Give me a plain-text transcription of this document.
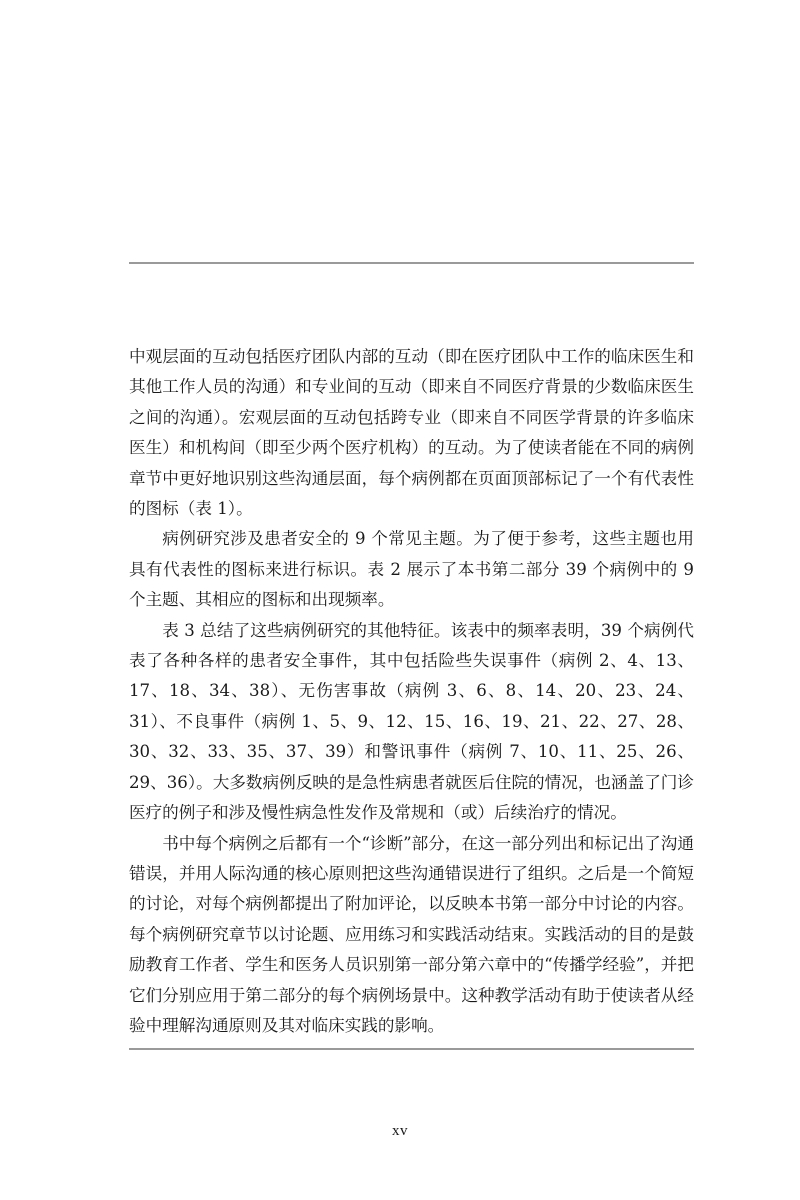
中观层面的互动包括医疗团队内部的互动（即在医疗团队中工作的临床医生和其他工作人员的沟通）和专业间的互动（即来自不同医疗背景的少数临床医生之间的沟通）。宏观层面的互动包括跨专业（即来自不同医学背景的许多临床医生）和机构间（即至少两个医疗机构）的互动。为了使读者能在不同的病例章节中更好地识别这些沟通层面，每个病例都在页面顶部标记了一个有代表性的图标（表 1）。

病例研究涉及患者安全的 9 个常见主题。为了便于参考，这些主题也用具有代表性的图标来进行标识。表 2 展示了本书第二部分 39 个病例中的 9 个主题、其相应的图标和出现频率。

表 3 总结了这些病例研究的其他特征。该表中的频率表明，39 个病例代表了各种各样的患者安全事件，其中包括险些失误事件（病例 2、4、13、17、18、34、38）、无伤害事故（病例 3、6、8、14、20、23、24、31）、不良事件（病例 1、5、9、12、15、16、19、21、22、27、28、30、32、33、35、37、39）和警讯事件（病例 7、10、11、25、26、29、36）。大多数病例反映的是急性病患者就医后住院的情况，也涵盖了门诊医疗的例子和涉及慢性病急性发作及常规和（或）后续治疗的情况。

书中每个病例之后都有一个“诊断”部分，在这一部分列出和标记出了沟通错误，并用人际沟通的核心原则把这些沟通错误进行了组织。之后是一个简短的讨论，对每个病例都提出了附加评论，以反映本书第一部分中讨论的内容。每个病例研究章节以讨论题、应用练习和实践活动结束。实践活动的目的是鼓励教育工作者、学生和医务人员识别第一部分第六章中的“传播学经验”，并把它们分别应用于第二部分的每个病例场景中。这种教学活动有助于使读者从经验中理解沟通原则及其对临床实践的影响。

xv
